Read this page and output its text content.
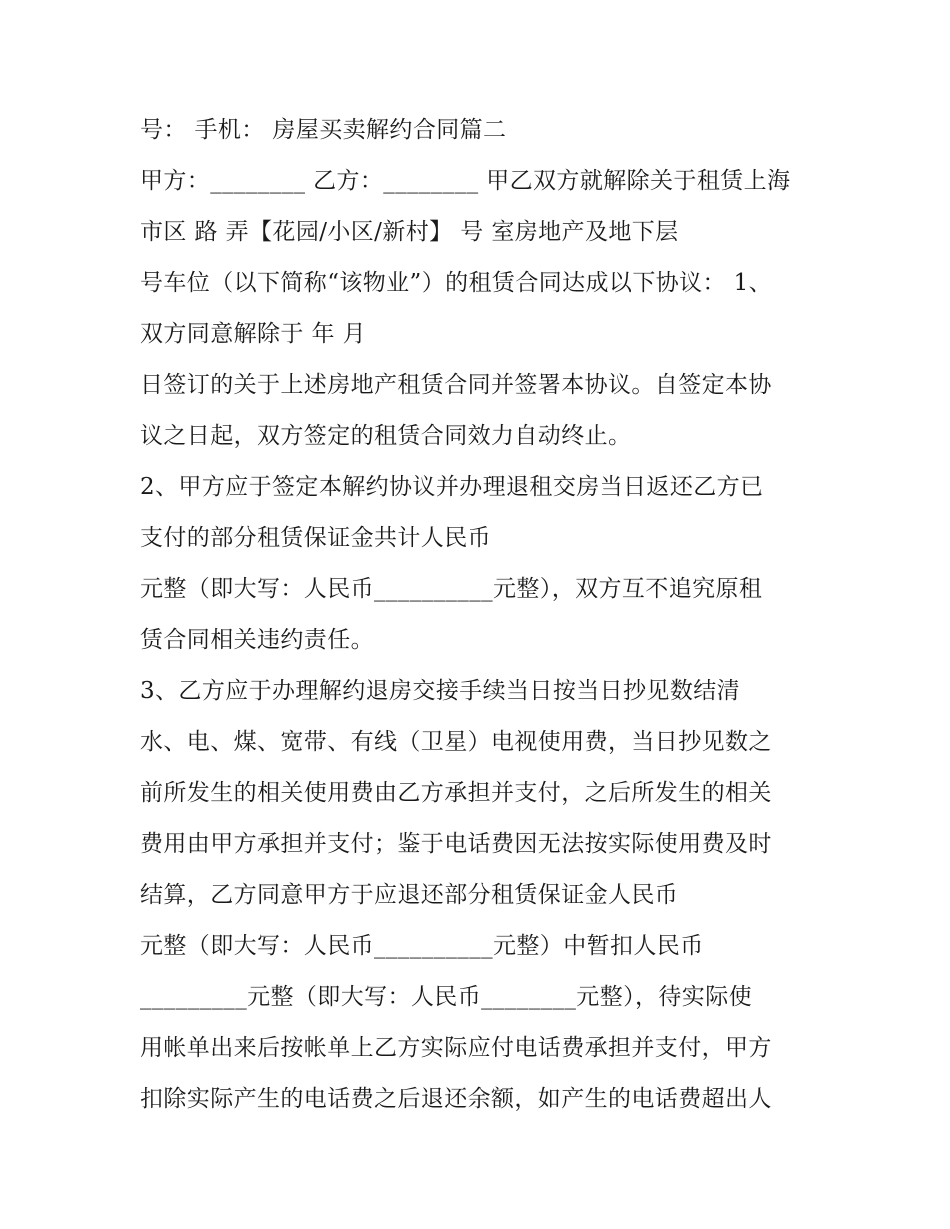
号： 手机： 房屋买卖解约合同篇二
甲方：________ 乙方：________ 甲乙双方就解除关于租赁上海
市区 路 弄【花园/小区/新村】 号 室房地产及地下层
号车位（以下简称“该物业”）的租赁合同达成以下协议： 1、
双方同意解除于 年 月
日签订的关于上述房地产租赁合同并签署本协议。自签定本协
议之日起，双方签定的租赁合同效力自动终止。
2、甲方应于签定本解约协议并办理退租交房当日返还乙方已
支付的部分租赁保证金共计人民币
元整（即大写：人民币__________元整），双方互不追究原租
赁合同相关违约责任。
3、乙方应于办理解约退房交接手续当日按当日抄见数结清
水、电、煤、宽带、有线（卫星）电视使用费，当日抄见数之
前所发生的相关使用费由乙方承担并支付，之后所发生的相关
费用由甲方承担并支付；鉴于电话费因无法按实际使用费及时
结算，乙方同意甲方于应退还部分租赁保证金人民币
元整（即大写：人民币__________元整）中暂扣人民币
_________元整（即大写：人民币________元整），待实际使
用帐单出来后按帐单上乙方实际应付电话费承担并支付，甲方
扣除实际产生的电话费之后退还余额，如产生的电话费超出人
